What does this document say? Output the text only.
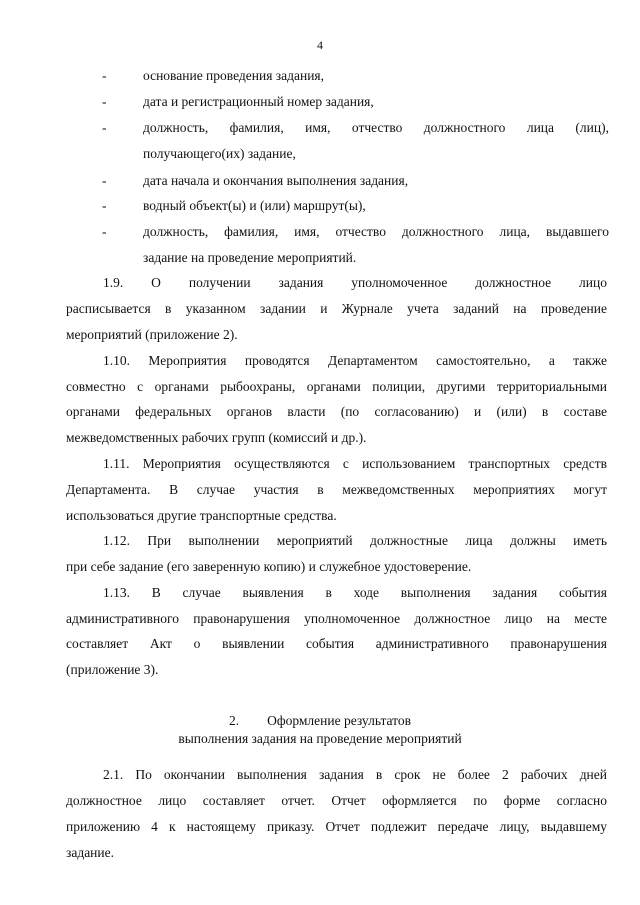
4
-	основание проведения задания,
-	дата и регистрационный номер задания,
-	должность, фамилия, имя, отчество должностного лица (лиц),
получающего(их) задание,
-	дата начала и окончания выполнения задания,
-	водный объект(ы) и (или) маршрут(ы),
-	должность, фамилия, имя, отчество должностного лица, выдавшего
задание на проведение мероприятий.
1.9. О получении задания уполномоченное должностное лицо
расписывается в указанном задании и Журнале учета заданий на проведение
мероприятий (приложение 2).
1.10. Мероприятия проводятся Департаментом самостоятельно, а также
совместно с органами рыбоохраны, органами полиции, другими территориальными
органами федеральных органов власти (по согласованию) и (или) в составе
межведомственных рабочих групп (комиссий и др.).
1.11. Мероприятия осуществляются с использованием транспортных средств
Департамента. В случае участия в межведомственных мероприятиях могут
использоваться другие транспортные средства.
1.12. При выполнении мероприятий должностные лица должны иметь
при себе задание (его заверенную копию) и служебное удостоверение.
1.13. В случае выявления в ходе выполнения задания события
административного правонарушения уполномоченное должностное лицо на месте
составляет Акт о выявлении события административного правонарушения
(приложение 3).
2. Оформление результатов
выполнения задания на проведение мероприятий
2.1. По окончании выполнения задания в срок не более 2 рабочих дней
должностное лицо составляет отчет. Отчет оформляется по форме согласно
приложению 4 к настоящему приказу. Отчет подлежит передаче лицу, выдавшему
задание.
